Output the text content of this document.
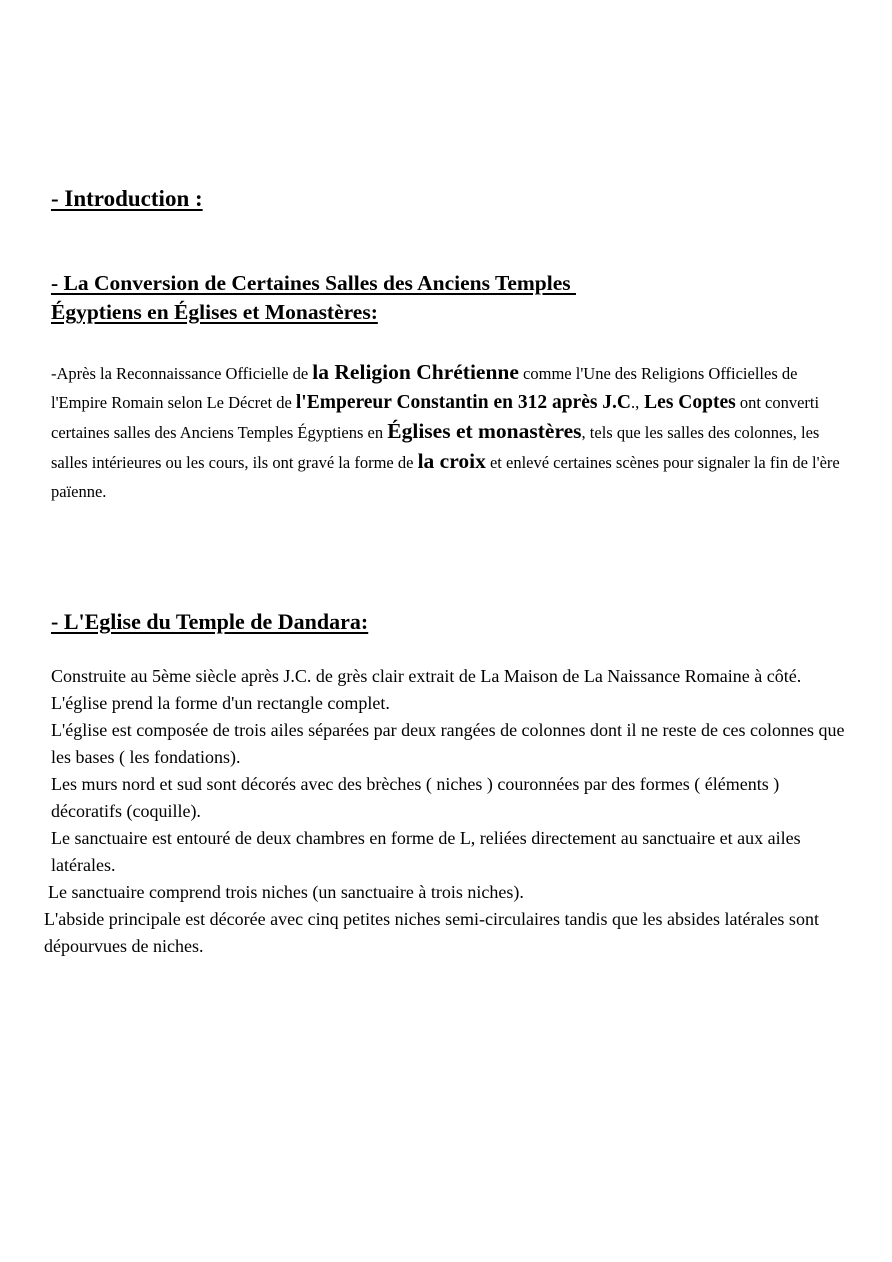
- Introduction :
- La Conversion de Certaines Salles des Anciens Temples
Égyptiens en Églises et Monastères:
-Après la Reconnaissance Officielle de la Religion Chrétienne comme l'Une des Religions Officielles de l'Empire Romain selon Le Décret de l'Empereur Constantin en 312 après J.C., Les Coptes ont converti certaines salles des Anciens Temples Égyptiens en Églises et monastères, tels que les salles des colonnes, les salles intérieures ou les cours, ils ont gravé la forme de la croix et enlevé certaines scènes pour signaler la fin de l'ère païenne.
- L'Eglise du Temple de Dandara:
Construite au 5ème siècle après J.C. de grès clair extrait de La Maison de La Naissance Romaine à côté.
L'église prend la forme d'un rectangle complet.
L'église est composée de trois ailes séparées par deux rangées de colonnes dont il ne reste de ces colonnes que les bases ( les fondations).
Les murs nord et sud sont décorés avec des brèches ( niches ) couronnées par des formes ( éléments ) décoratifs (coquille).
Le sanctuaire est entouré de deux chambres en forme de L, reliées directement au sanctuaire et aux ailes latérales.
Le sanctuaire comprend trois niches (un sanctuaire à trois niches).
L'abside principale est décorée avec cinq petites niches semi-circulaires tandis que les absides latérales sont dépourvues de niches.
